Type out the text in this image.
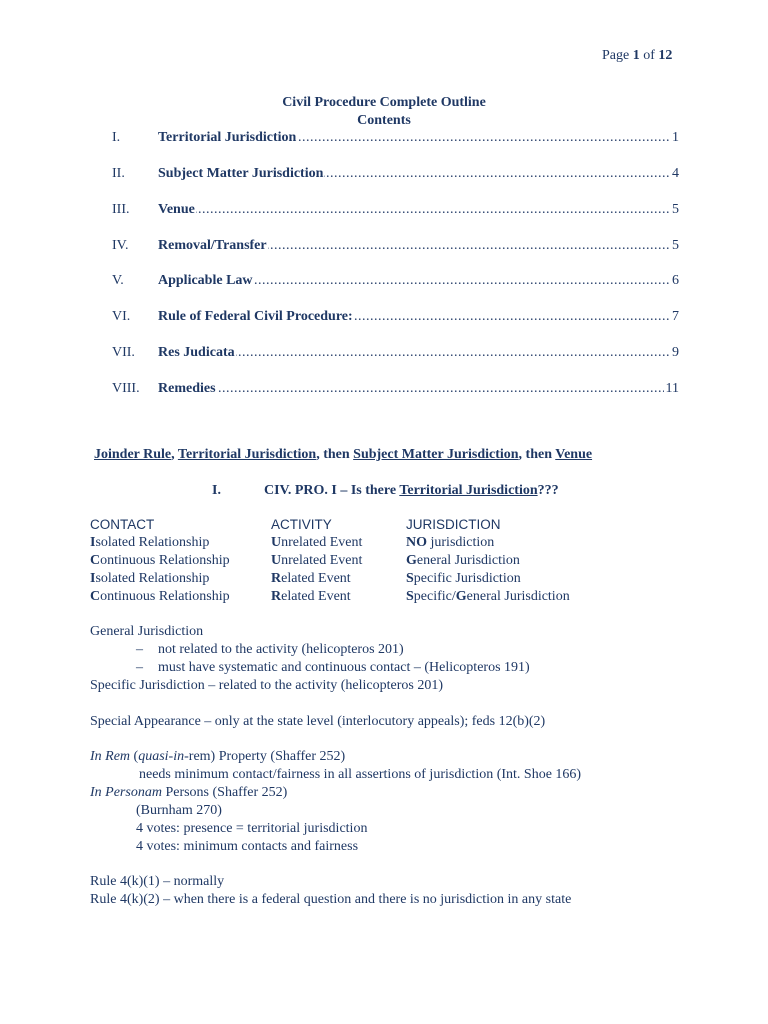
Page 1 of 12
Civil Procedure Complete Outline
Contents
I. .....	Territorial Jurisdiction	1
II. ..... Subject Matter Jurisdiction	4
III. ..... Venue	5
IV. ..... Removal/Transfer	5
V. ..... Applicable Law	6
VI. ..... Rule of Federal Civil Procedure:	7
VII. ..... Res Judicata	9
VIII. ..... Remedies	11
Joinder Rule, Territorial Jurisdiction, then Subject Matter Jurisdiction, then Venue
I.	CIV. PRO. I – Is there Territorial Jurisdiction???
CONTACT	ACTIVITY	JURISDICTION
Isolated Relationship	Unrelated Event	NO jurisdiction
Continuous Relationship	Unrelated Event	General Jurisdiction
Isolated Relationship	Related Event	Specific Jurisdiction
Continuous Relationship	Related Event	Specific/General Jurisdiction
General Jurisdiction
– not related to the activity (helicopteros 201)
– must have systematic and continuous contact – (Helicopteros 191)
Specific Jurisdiction – related to the activity (helicopteros 201)
Special Appearance – only at the state level (interlocutory appeals); feds 12(b)(2)
In Rem (quasi-in-rem) Property (Shaffer 252)
needs minimum contact/fairness in all assertions of jurisdiction (Int. Shoe 166)
In Personam Persons (Shaffer 252)
(Burnham 270)
4 votes: presence = territorial jurisdiction
4 votes: minimum contacts and fairness
Rule 4(k)(1) – normally
Rule 4(k)(2) – when there is a federal question and there is no jurisdiction in any state
